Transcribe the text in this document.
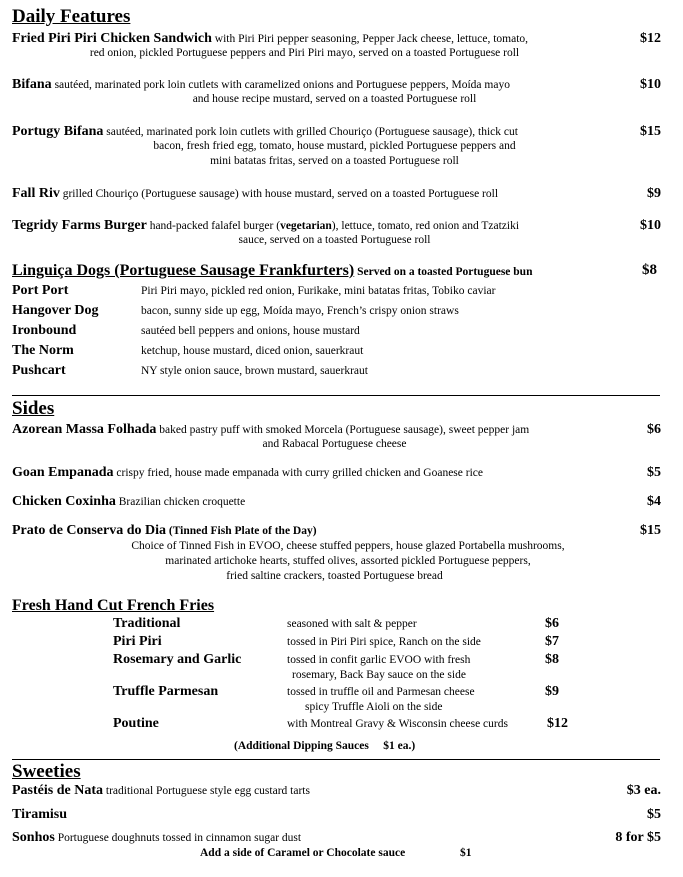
Daily Features
Fried Piri Piri Chicken Sandwich with Piri Piri pepper seasoning, Pepper Jack cheese, lettuce, tomato,
red onion, pickled Portuguese peppers and Piri Piri mayo, served on a toasted Portuguese roll
$12
Bifana sautéed, marinated pork loin cutlets with caramelized onions and Portuguese peppers, Moída mayo
and house recipe mustard, served on a toasted Portuguese roll
$10
Portugy Bifana sautéed, marinated pork loin cutlets with grilled Chouriço (Portuguese sausage), thick cut
bacon, fresh fried egg, tomato, house mustard, pickled Portuguese peppers and
mini batatas fritas, served on a toasted Portuguese roll
$15
Fall Riv grilled Chouriço (Portuguese sausage) with house mustard, served on a toasted Portuguese roll	$9
Tegridy Farms Burger hand-packed falafel burger (vegetarian), lettuce, tomato, red onion and Tzatziki
sauce, served on a toasted Portuguese roll
$10
Linguiça Dogs (Portuguese Sausage Frankfurters) Served on a toasted Portuguese bun	$8
Port Port	Piri Piri mayo, pickled red onion, Furikake, mini batatas fritas, Tobiko caviar
Hangover Dog	bacon, sunny side up egg, Moída mayo, French’s crispy onion straws
Ironbound	sautéed bell peppers and onions, house mustard
The Norm	ketchup, house mustard, diced onion, sauerkraut
Pushcart	NY style onion sauce, brown mustard, sauerkraut
Sides
Azorean Massa Folhada baked pastry puff with smoked Morcela (Portuguese sausage), sweet pepper jam
and Rabacal Portuguese cheese
$6
Goan Empanada crispy fried, house made empanada with curry grilled chicken and Goanese rice	$5
Chicken Coxinha Brazilian chicken croquette	$4
Prato de Conserva do Dia (Tinned Fish Plate of the Day)
Choice of Tinned Fish in EVOO, cheese stuffed peppers, house glazed Portabella mushrooms,
marinated artichoke hearts, stuffed olives, assorted pickled Portuguese peppers,
fried saltine crackers, toasted Portuguese bread
$15
Fresh Hand Cut French Fries
Traditional	seasoned with salt & pepper	$6
Piri Piri	tossed in Piri Piri spice, Ranch on the side	$7
Rosemary and Garlic	tossed in confit garlic EVOO with fresh
rosemary, Back Bay sauce on the side
$8
Truffle Parmesan	tossed in truffle oil and Parmesan cheese
spicy Truffle Aioli on the side
$9
Poutine	with Montreal Gravy & Wisconsin cheese curds	$12
(Additional Dipping Sauces     $1 ea.)
Sweeties
Pastéis de Nata traditional Portuguese style egg custard tarts	$3 ea.
Tiramisu	$5
Sonhos Portuguese doughnuts tossed in cinnamon sugar dust	8 for $5
Add a side of Caramel or Chocolate sauce	$1
